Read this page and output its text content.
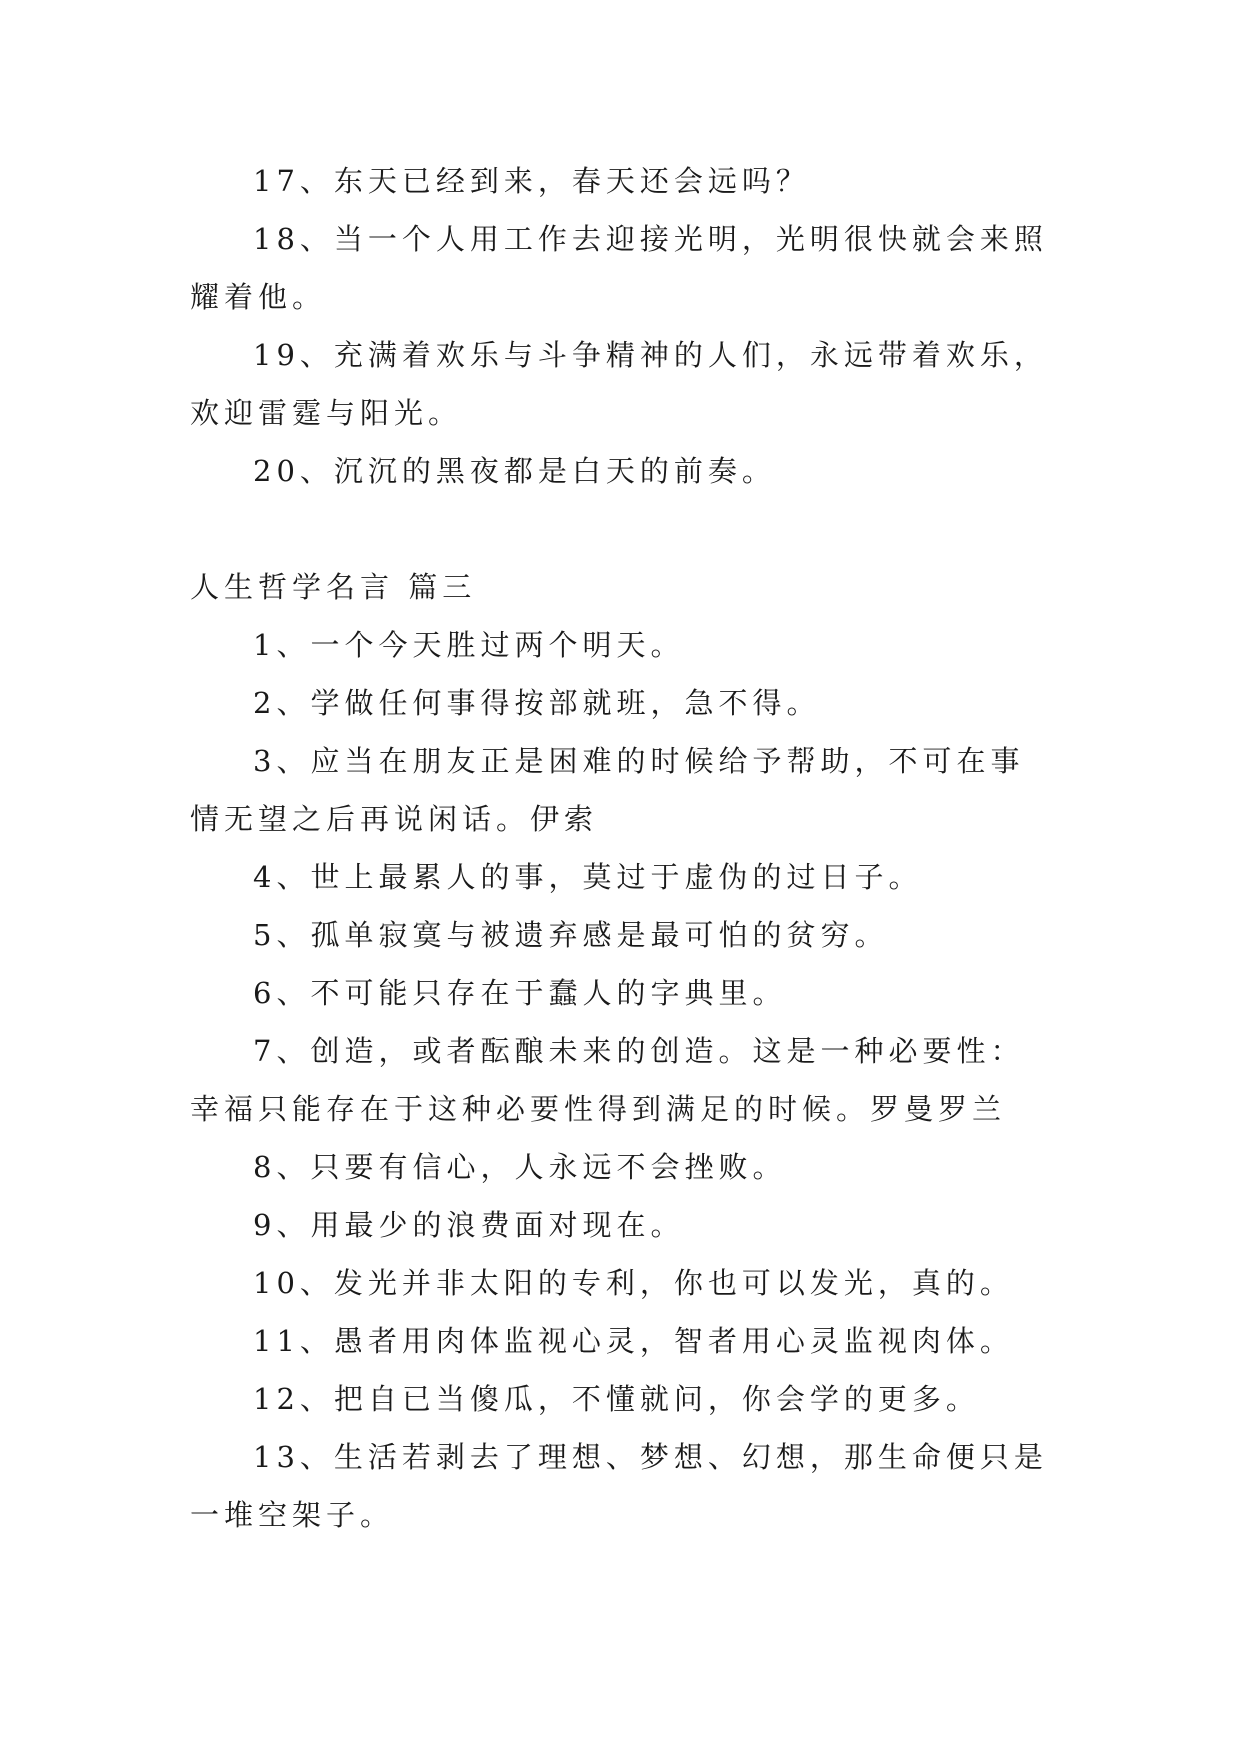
17、东天已经到来，春天还会远吗？

18、当一个人用工作去迎接光明，光明很快就会来照耀着他。

19、充满着欢乐与斗争精神的人们，永远带着欢乐，欢迎雷霆与阳光。

20、沉沉的黑夜都是白天的前奏。

人生哲学名言 篇三

1、一个今天胜过两个明天。

2、学做任何事得按部就班，急不得。

3、应当在朋友正是困难的时候给予帮助，不可在事情无望之后再说闲话。伊索

4、世上最累人的事，莫过于虚伪的过日子。

5、孤单寂寞与被遗弃感是最可怕的贫穷。

6、不可能只存在于蠢人的字典里。

7、创造，或者酝酿未来的创造。这是一种必要性：幸福只能存在于这种必要性得到满足的时候。罗曼罗兰

8、只要有信心，人永远不会挫败。

9、用最少的浪费面对现在。

10、发光并非太阳的专利，你也可以发光，真的。

11、愚者用肉体监视心灵，智者用心灵监视肉体。

12、把自已当傻瓜，不懂就问，你会学的更多。

13、生活若剥去了理想、梦想、幻想，那生命便只是一堆空架子。
